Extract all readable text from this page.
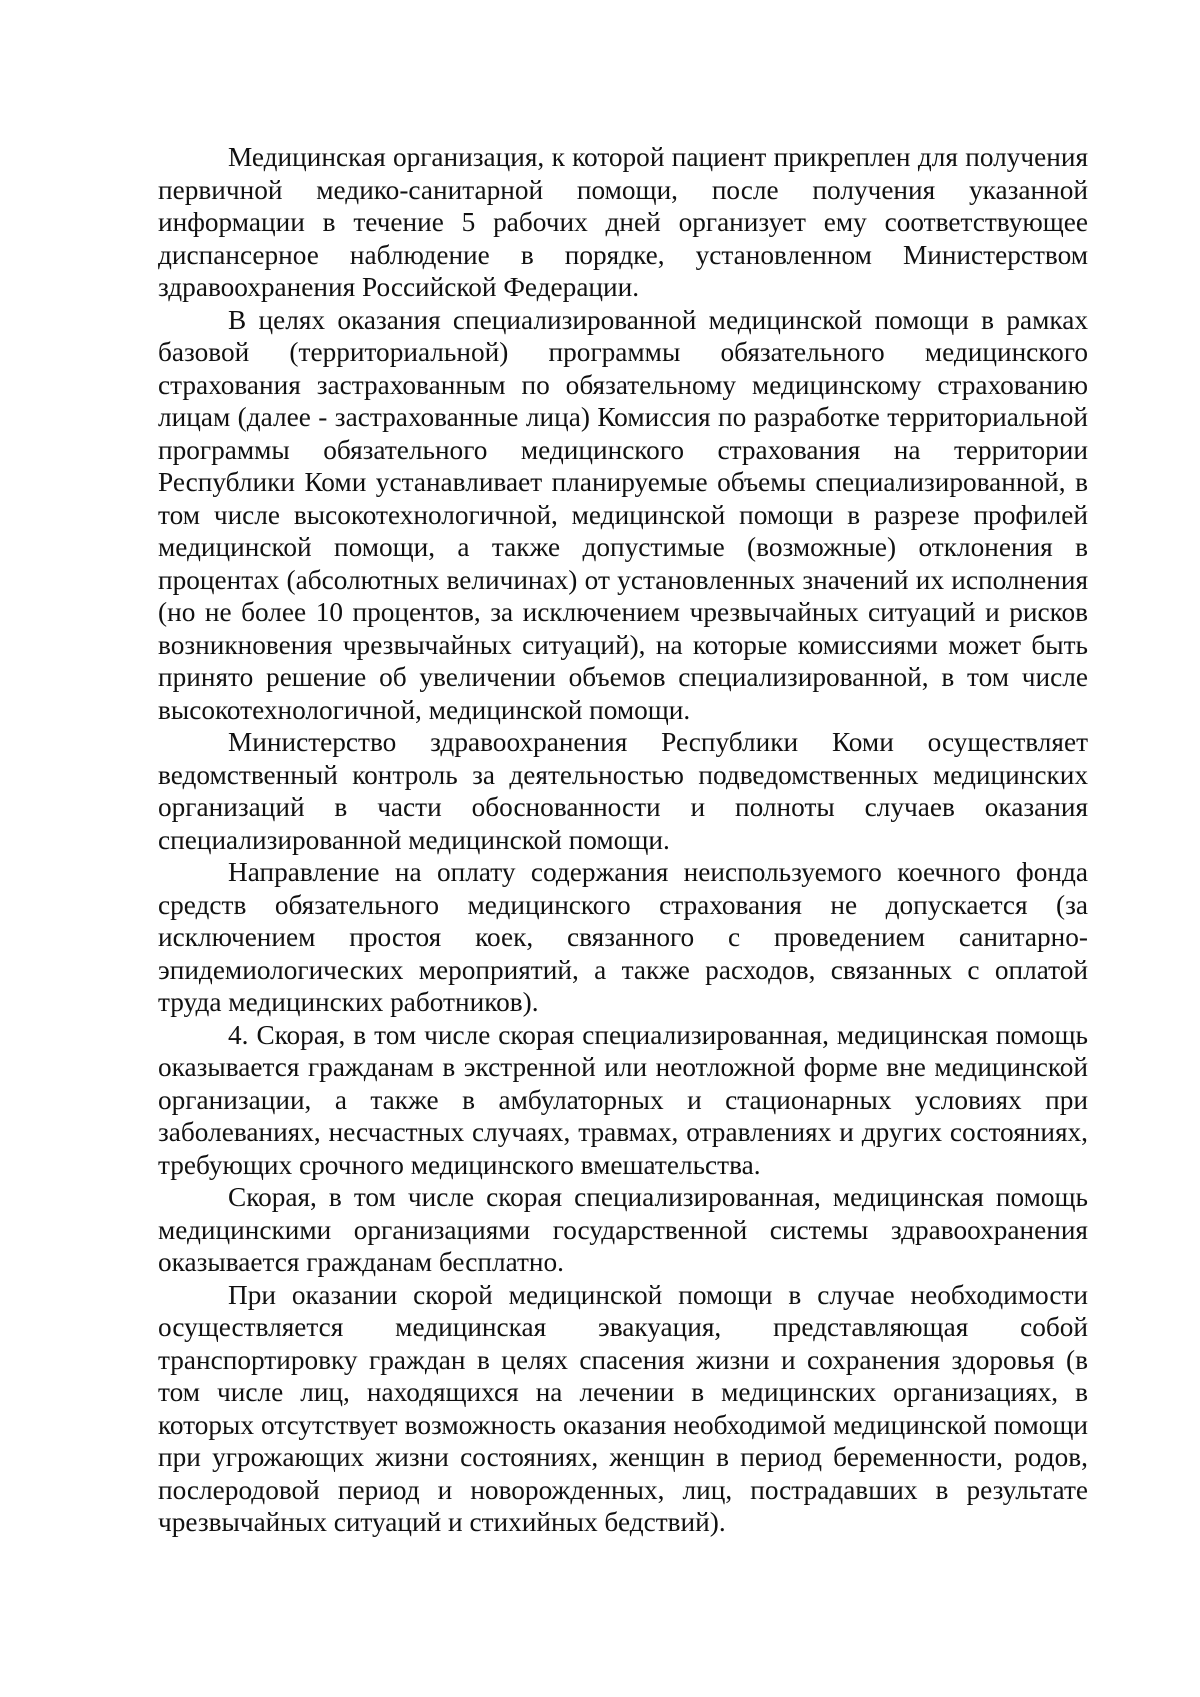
Медицинская организация, к которой пациент прикреплен для получения первичной медико-санитарной помощи, после получения указанной информации в течение 5 рабочих дней организует ему соответствующее диспансерное наблюдение в порядке, установленном Министерством здравоохранения Российской Федерации.

В целях оказания специализированной медицинской помощи в рамках базовой (территориальной) программы обязательного медицинского страхования застрахованным по обязательному медицинскому страхованию лицам (далее - застрахованные лица) Комиссия по разработке территориальной программы обязательного медицинского страхования на территории Республики Коми устанавливает планируемые объемы специализированной, в том числе высокотехнологичной, медицинской помощи в разрезе профилей медицинской помощи, а также допустимые (возможные) отклонения в процентах (абсолютных величинах) от установленных значений их исполнения (но не более 10 процентов, за исключением чрезвычайных ситуаций и рисков возникновения чрезвычайных ситуаций), на которые комиссиями может быть принято решение об увеличении объемов специализированной, в том числе высокотехнологичной, медицинской помощи.

Министерство здравоохранения Республики Коми осуществляет ведомственный контроль за деятельностью подведомственных медицинских организаций в части обоснованности и полноты случаев оказания специализированной медицинской помощи.

Направление на оплату содержания неиспользуемого коечного фонда средств обязательного медицинского страхования не допускается (за исключением простоя коек, связанного с проведением санитарно-эпидемиологических мероприятий, а также расходов, связанных с оплатой труда медицинских работников).

4. Скорая, в том числе скорая специализированная, медицинская помощь оказывается гражданам в экстренной или неотложной форме вне медицинской организации, а также в амбулаторных и стационарных условиях при заболеваниях, несчастных случаях, травмах, отравлениях и других состояниях, требующих срочного медицинского вмешательства.

Скорая, в том числе скорая специализированная, медицинская помощь медицинскими организациями государственной системы здравоохранения оказывается гражданам бесплатно.

При оказании скорой медицинской помощи в случае необходимости осуществляется медицинская эвакуация, представляющая собой транспортировку граждан в целях спасения жизни и сохранения здоровья (в том числе лиц, находящихся на лечении в медицинских организациях, в которых отсутствует возможность оказания необходимой медицинской помощи при угрожающих жизни состояниях, женщин в период беременности, родов, послеродовой период и новорожденных, лиц, пострадавших в результате чрезвычайных ситуаций и стихийных бедствий).
